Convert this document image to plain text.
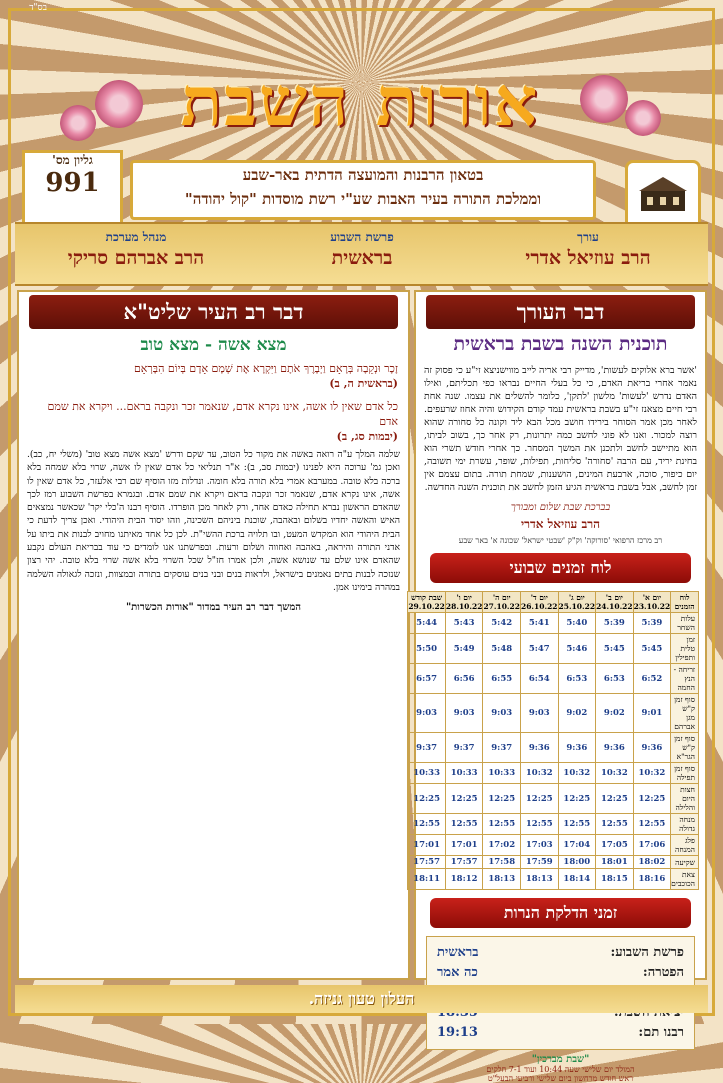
בס"ד
אורות השבת
בטאון הרבנות והמועצה הדתית באר-שבע
וממלכת התורה בעיר האבות שע"י רשת מוסדות "קול יהודה"
גליון מס'
991
עורך
הרב עוזיאל אדרי
פרשת השבוע
בראשית
מנהל מערכת
הרב אברהם סריקי
דבר רב העיר שליט"א
מצא אשה - מצא טוב
זָכָר וּנְקֵבָה בְּרָאָם וַיְבָרֶךְ אֹתָם וַיִּקְרָא אֶת שְׁמָם אָדָם בְּיוֹם הִבָּרְאָם
(בראשית ה, ב)
כל אדם שאין לו אשה, אינו נקרא אדם, שנאמר זכר ונקבה בראם... ויקרא את שמם אדם
(יבמות סג, ב)
שלמה המלך ע"ה רואה באשה את מקור כל הטוב, עד שקם ודרש 'מצא אשה מצא טוב' (משלי יח, כב). ואכן גמ' ערוכה היא לפנינו (יבמות סב, ב): א"ר תנליאי כל אדם שאין לו אשה, שרוי בלא שמחה בלא ברכה בלא טובה. במערבא אמרי בלא תורה בלא חומה. ונדלות מזו הוסיף שם רבי אלעזר, כל אדם שאין לו אשה, אינו נקרא אדם, שנאמר זכר ונקבה בראם ויקרא את שמם אדם. ובגמרא בפרשת השבוע רמז לכך שהאדם הראשון נברא תחילה כאדם אחד, ורק לאחר מכן הופרדו. הוסיף רבנו ה'כלי יקר' שכאשר נמצאים האיש והאשה יחדיו בשלום ובאהבה, שוכנת ביניהם השכינה, וזהו יסוד הבית היהודי. ואכן צריך לדעת כי הבית היהודי הוא המקדש המעט, ובו תלויה ברכת ההשי"ת. לכן כל אחד מאיתנו מחויב לבנות את ביתו על אדני התורה והיראה, באהבה ואחווה ושלום ורעות. ובפרשתנו אנו לומדים כי עוד בבריאת העולם נקבע שהאדם אינו שלם עד שנושא אשה, ולכן אמרו חז"ל שכל השרוי בלא אשה שרוי בלא טובה. יהי רצון שנזכה לבנות בתים נאמנים בישראל, ולראות בנים ובני בנים עוסקים בתורה ובמצוות, ונזכה לגאולה השלמה במהרה בימינו אמן.
המשך דבר רב העיר במדור "אורות הכשרות"
דבר העורך
תוכנית השנה בשבת בראשית
'אשר ברא אלוקים לעשות', מדייק רבי אריה לייב מווישניצא זי"ע כי פסוק זה נאמר אחרי בריאת האדם, כי כל בעלי החיים נבראו כפי תכליתם, ואילו האדם נדרש 'לעשות' מלשון 'לתקן', כלומר להשלים את עצמו. שנה אחת רבי חיים מצאנז זי"ע בשבת בראשית עמד קודם הקידוש והיה אחוז שרעפים. לאחר מכן אמר הסוחר בירידו חושב מכל הבא ליד וקונה כל סחורה שהוא רוצה למכור. ואנו לא פוני לחשב כמה יתרונות, רק אחר כך, בשוב לביתו, הוא מתיישב לחשב ולתכנן את המשך המסחר. כך אחרי חודש תשרי הוא בחינת יריד, עם הרבה 'סחורה' סליחות, תפילות, שופר, עשרת ימי תשובה, יום כיפור, סוכה, ארבעת המינים, הושענות, שמחת תורה. בתום עצמם אין זמן לחשב, אבל בשבת בראשית הגיע הזמן לחשב את תוכנית השנה החדשה.
בברכת שבת שלום ומבורך
הרב עוזיאל אדרי
רב מרכז הרפואי 'סורוקה' וק"ק 'שבטי ישראל' שכונה א' באר שבע
לוח זמנים שבועי
לוח הזמנים	יום א' 23.10.22	יום ב' 24.10.22	יום ג' 25.10.22	יום ד' 26.10.22	יום ה' 27.10.22	יום ו' 28.10.22	שבת קודש 29.10.22
עלות השחר	5:39	5:39	5:40	5:41	5:42	5:43	5:44
זמן טלית ותפילין	5:45	5:45	5:46	5:47	5:48	5:49	5:50
זריחה - הנץ החמה	6:52	6:53	6:53	6:54	6:55	6:56	6:57
סוף זמן ק"ש מגן אברהם	9:01	9:02	9:02	9:03	9:03	9:03	9:03
סוף זמן ק"ש הגר"א	9:36	9:36	9:36	9:36	9:37	9:37	9:37
סוף זמן תפילה	10:32	10:32	10:32	10:32	10:33	10:33	10:33
חצות היום והלילה	12:25	12:25	12:25	12:25	12:25	12:25	12:25
מנחה גדולה	12:55	12:55	12:55	12:55	12:55	12:55	12:55
פלג המנחה	17:06	17:05	17:04	17:03	17:02	17:01	17:01
שקיעה	18:02	18:01	18:00	17:59	17:58	17:57	17:57
צאת הכוכבים	18:16	18:15	18:14	18:13	18:13	18:12	18:11
זמני הדלקת הנרות
פרשת השבוע:
בראשית
הפטרה:
כה אמר
רבנו תם:
19:13
"שבת מברכין"
המולד יום שלישי שעה 10:44 ועוד 7-1 חלקים
ראש חודש מרחשון ביום שלישי ורביעי הבעל"ט
העלון טעון גניזה.
